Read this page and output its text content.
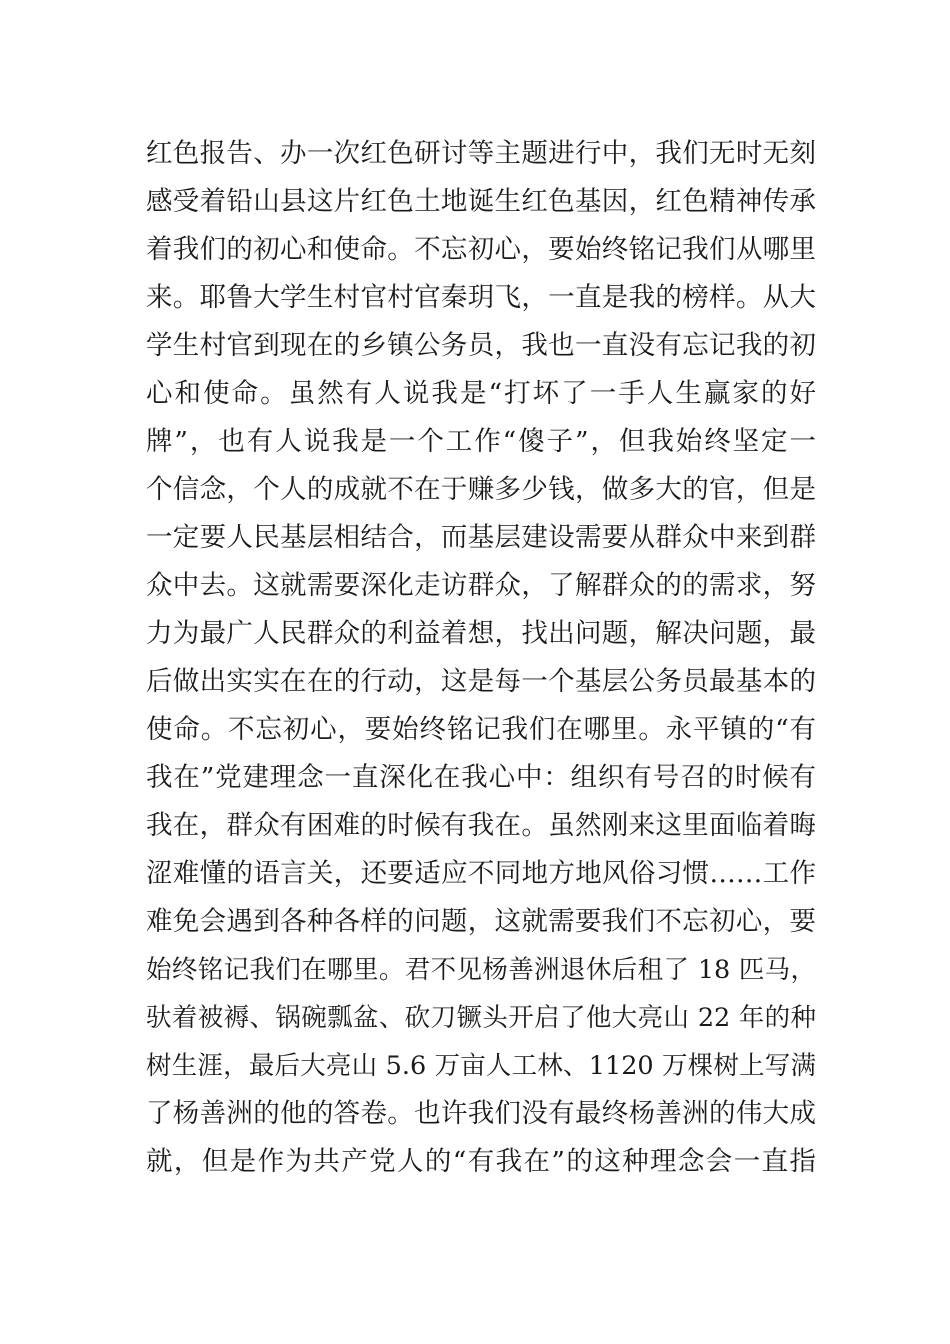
红色报告、办一次红色研讨等主题进行中，我们无时无刻
感受着铅山县这片红色土地诞生红色基因，红色精神传承
着我们的初心和使命。不忘初心，要始终铭记我们从哪里
来。耶鲁大学生村官村官秦玥飞，一直是我的榜样。从大
学生村官到现在的乡镇公务员，我也一直没有忘记我的初
心和使命。虽然有人说我是“打坏了一手人生赢家的好
牌”，也有人说我是一个工作“傻子”，但我始终坚定一
个信念，个人的成就不在于赚多少钱，做多大的官，但是
一定要人民基层相结合，而基层建设需要从群众中来到群
众中去。这就需要深化走访群众，了解群众的的需求，努
力为最广人民群众的利益着想，找出问题，解决问题，最
后做出实实在在的行动，这是每一个基层公务员最基本的
使命。不忘初心，要始终铭记我们在哪里。永平镇的“有
我在”党建理念一直深化在我心中：组织有号召的时候有
我在，群众有困难的时候有我在。虽然刚来这里面临着晦
涩难懂的语言关，还要适应不同地方地风俗习惯……工作
难免会遇到各种各样的问题，这就需要我们不忘初心，要
始终铭记我们在哪里。君不见杨善洲退休后租了 18 匹马，
驮着被褥、锅碗瓢盆、砍刀镢头开启了他大亮山 22 年的种
树生涯，最后大亮山 5.6 万亩人工林、1120 万棵树上写满
了杨善洲的他的答卷。也许我们没有最终杨善洲的伟大成
就，但是作为共产党人的“有我在”的这种理念会一直指
